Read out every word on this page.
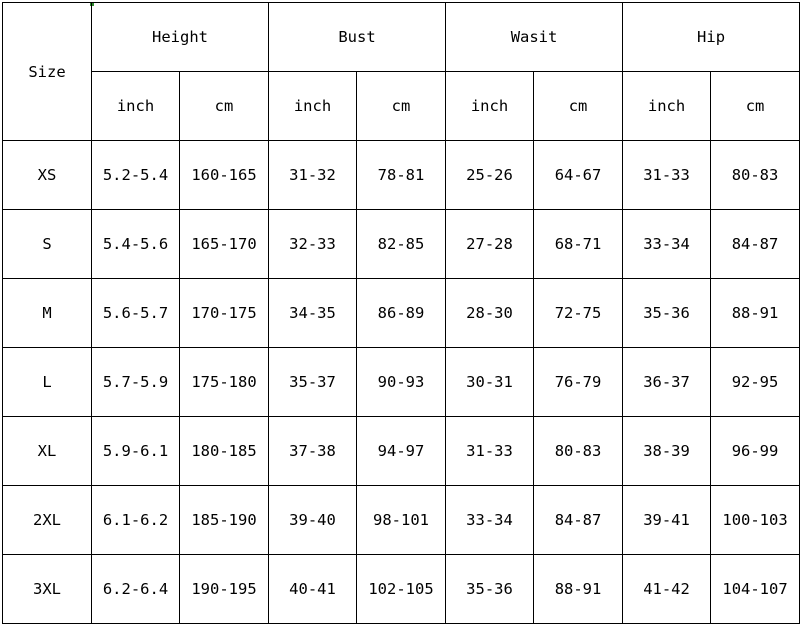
Size	Height		Bust		Wasit		Hip	
	inch	cm	inch	cm	inch	cm	inch	cm
XS	5.2-5.4	160-165	31-32	78-81	25-26	64-67	31-33	80-83
S	5.4-5.6	165-170	32-33	82-85	27-28	68-71	33-34	84-87
M	5.6-5.7	170-175	34-35	86-89	28-30	72-75	35-36	88-91
L	5.7-5.9	175-180	35-37	90-93	30-31	76-79	36-37	92-95
XL	5.9-6.1	180-185	37-38	94-97	31-33	80-83	38-39	96-99
2XL	6.1-6.2	185-190	39-40	98-101	33-34	84-87	39-41	100-103
3XL	6.2-6.4	190-195	40-41	102-105	35-36	88-91	41-42	104-107
